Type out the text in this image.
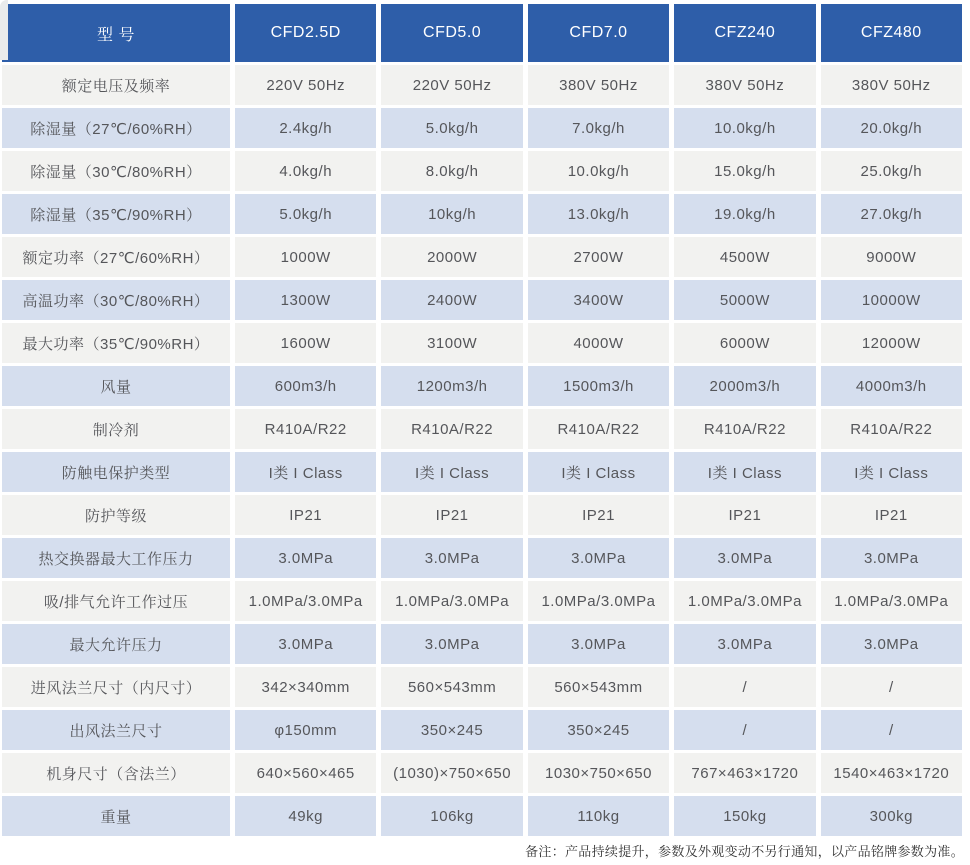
型 号	CFD2.5D	CFD5.0	CFD7.0	CFZ240	CFZ480
额定电压及频率	220V 50Hz	220V 50Hz	380V 50Hz	380V 50Hz	380V 50Hz
除湿量（27℃/60%RH）	2.4kg/h	5.0kg/h	7.0kg/h	10.0kg/h	20.0kg/h
除湿量（30℃/80%RH）	4.0kg/h	8.0kg/h	10.0kg/h	15.0kg/h	25.0kg/h
除湿量（35℃/90%RH）	5.0kg/h	10kg/h	13.0kg/h	19.0kg/h	27.0kg/h
额定功率（27℃/60%RH）	1000W	2000W	2700W	4500W	9000W
高温功率（30℃/80%RH）	1300W	2400W	3400W	5000W	10000W
最大功率（35℃/90%RH）	1600W	3100W	4000W	6000W	12000W
风量	600m3/h	1200m3/h	1500m3/h	2000m3/h	4000m3/h
制冷剂	R410A/R22	R410A/R22	R410A/R22	R410A/R22	R410A/R22
防触电保护类型	I类 I Class	I类 I Class	I类 I Class	I类 I Class	I类 I Class
防护等级	IP21	IP21	IP21	IP21	IP21
热交换器最大工作压力	3.0MPa	3.0MPa	3.0MPa	3.0MPa	3.0MPa
吸/排气允许工作过压	1.0MPa/3.0MPa	1.0MPa/3.0MPa	1.0MPa/3.0MPa	1.0MPa/3.0MPa	1.0MPa/3.0MPa
最大允许压力	3.0MPa	3.0MPa	3.0MPa	3.0MPa	3.0MPa
进风法兰尺寸（内尺寸）	342×340mm	560×543mm	560×543mm	/	/
出风法兰尺寸	φ150mm	350×245	350×245	/	/
机身尺寸（含法兰）	640×560×465	(1030)×750×650	1030×750×650	767×463×1720	1540×463×1720
重量	49kg	106kg	110kg	150kg	300kg
备注：产品持续提升，参数及外观变动不另行通知，以产品铭牌参数为准。
